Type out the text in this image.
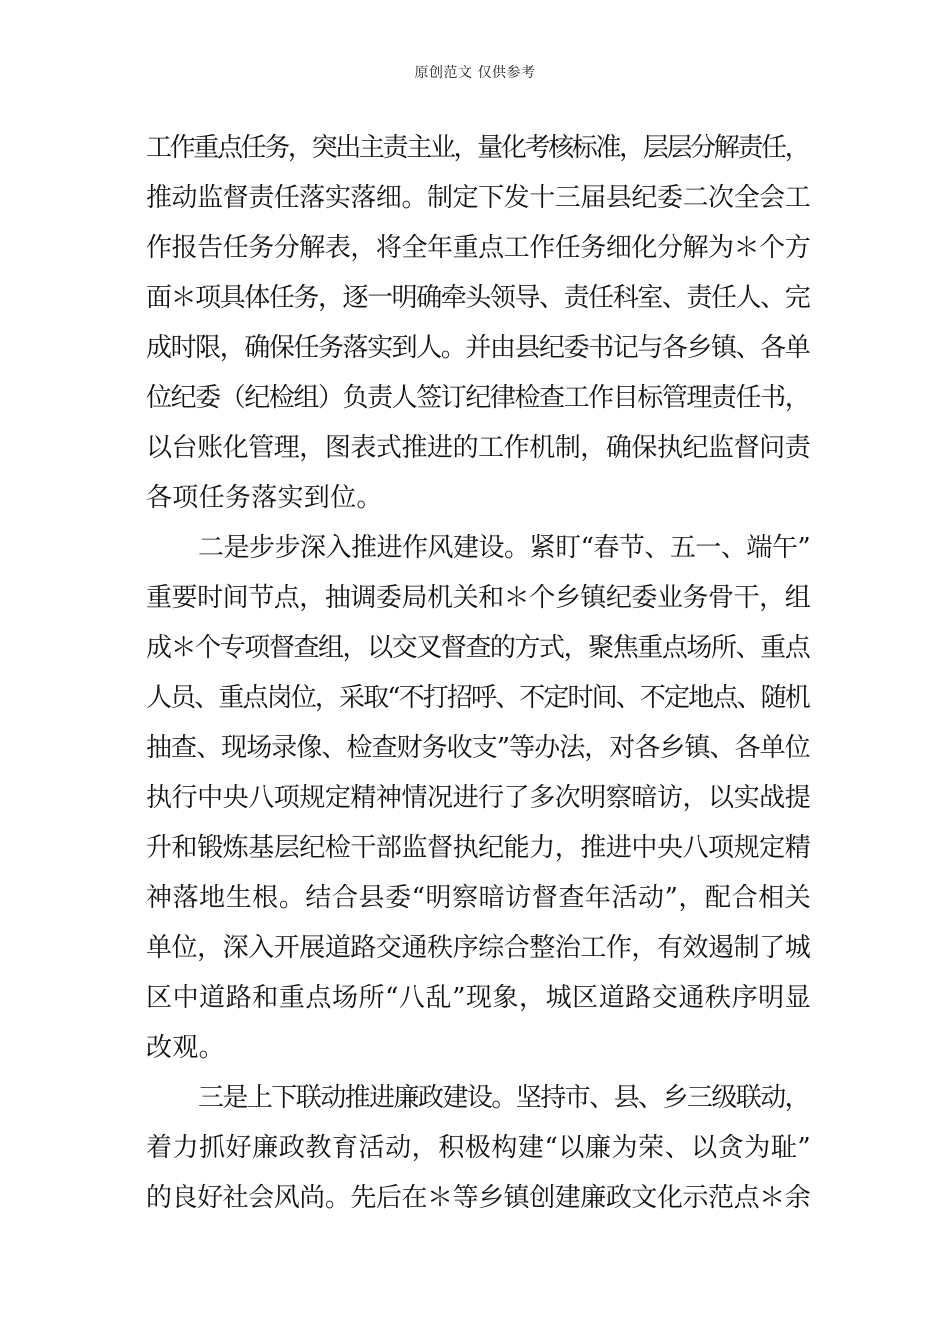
原创范文 仅供参考
工作重点任务，突出主责主业，量化考核标准，层层分解责任，
推动监督责任落实落细。制定下发十三届县纪委二次全会工
作报告任务分解表，将全年重点工作任务细化分解为＊个方
面＊项具体任务，逐一明确牵头领导、责任科室、责任人、完
成时限，确保任务落实到人。并由县纪委书记与各乡镇、各单
位纪委（纪检组）负责人签订纪律检查工作目标管理责任书，
以台账化管理，图表式推进的工作机制，确保执纪监督问责
各项任务落实到位。
二是步步深入推进作风建设。紧盯“春节、五一、端午”
重要时间节点，抽调委局机关和＊个乡镇纪委业务骨干，组
成＊个专项督查组，以交叉督查的方式，聚焦重点场所、重点
人员、重点岗位，采取“不打招呼、不定时间、不定地点、随机
抽查、现场录像、检查财务收支”等办法，对各乡镇、各单位
执行中央八项规定精神情况进行了多次明察暗访，以实战提
升和锻炼基层纪检干部监督执纪能力，推进中央八项规定精
神落地生根。结合县委“明察暗访督查年活动”，配合相关
单位，深入开展道路交通秩序综合整治工作，有效遏制了城
区中道路和重点场所“八乱”现象，城区道路交通秩序明显
改观。
三是上下联动推进廉政建设。坚持市、县、乡三级联动，
着力抓好廉政教育活动，积极构建“以廉为荣、以贪为耻”
的良好社会风尚。先后在＊等乡镇创建廉政文化示范点＊余
